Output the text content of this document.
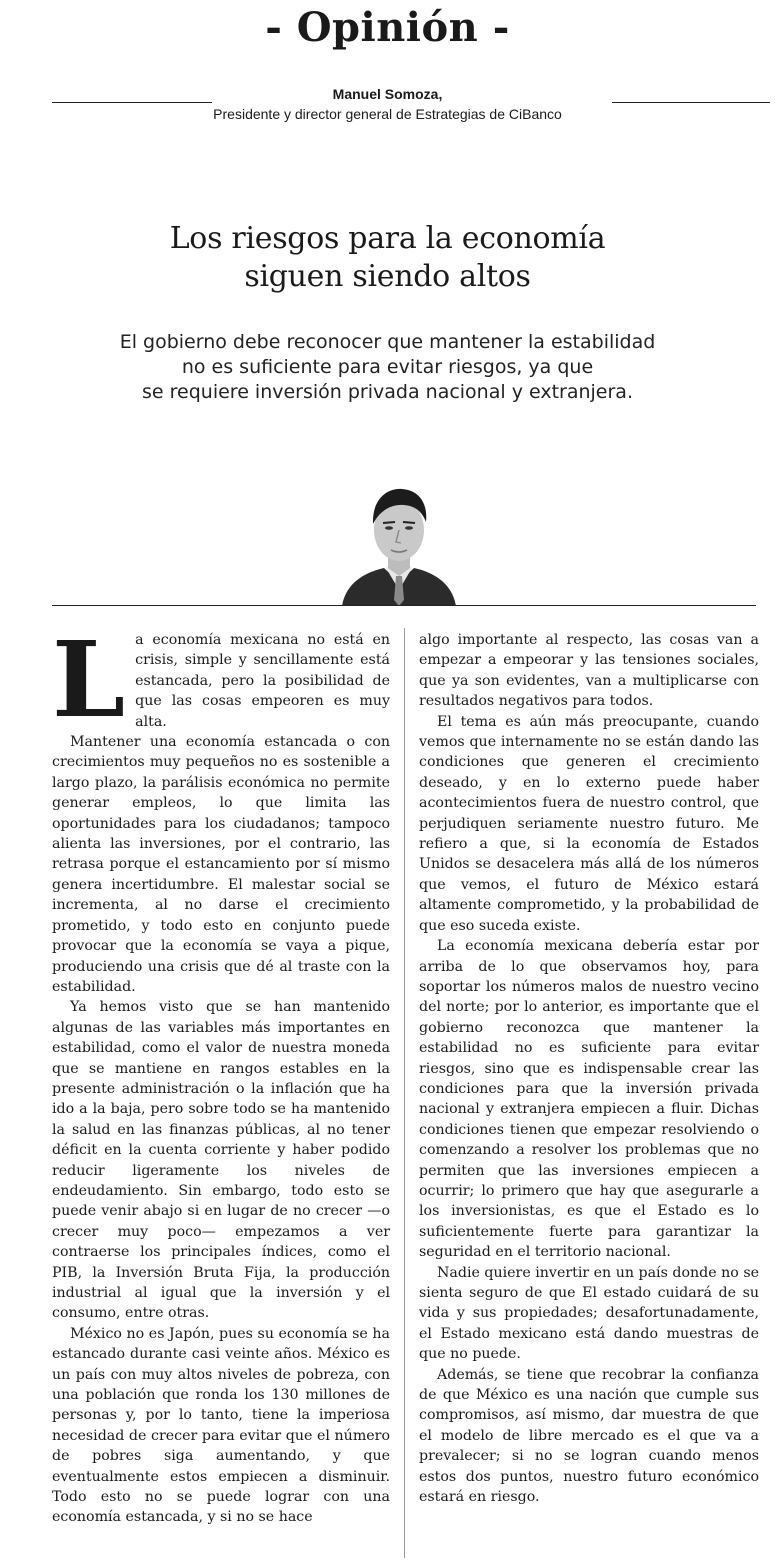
- Opinión -
Manuel Somoza,
Presidente y director general de Estrategias de CiBanco
Los riesgos para la economía
siguen siendo altos
El gobierno debe reconocer que mantener la estabilidad
no es suficiente para evitar riesgos, ya que
se requiere inversión privada nacional y extranjera.

La economía mexicana no está en crisis, simple y sencillamente está estancada, pero la posibilidad de que las cosas empeoren es muy alta.

Mantener una economía estancada o con crecimientos muy pequeños no es sostenible a largo plazo, la parálisis económica no permite generar empleos, lo que limita las oportunidades para los ciudadanos; tampoco alienta las inversiones, por el contrario, las retrasa porque el estancamiento por sí mismo genera incertidumbre. El malestar social se incrementa, al no darse el crecimiento prometido, y todo esto en conjunto puede provocar que la economía se vaya a pique, produciendo una crisis que dé al traste con la estabilidad.

Ya hemos visto que se han mantenido algunas de las variables más importantes en estabilidad, como el valor de nuestra moneda que se mantiene en rangos estables en la presente administración o la inflación que ha ido a la baja, pero sobre todo se ha mantenido la salud en las finanzas públicas, al no tener déficit en la cuenta corriente y haber podido reducir ligeramente los niveles de endeudamiento. Sin embargo, todo esto se puede venir abajo si en lugar de no crecer —o crecer muy poco— empezamos a ver contraerse los principales índices, como el PIB, la Inversión Bruta Fija, la producción industrial al igual que la inversión y el consumo, entre otras.

México no es Japón, pues su economía se ha estancado durante casi veinte años. México es un país con muy altos niveles de pobreza, con una población que ronda los 130 millones de personas y, por lo tanto, tiene la imperiosa necesidad de crecer para evitar que el número de pobres siga aumentando, y que eventualmente estos empiecen a disminuir. Todo esto no se puede lograr con una economía estancada, y si no se hace

algo importante al respecto, las cosas van a empezar a empeorar y las tensiones sociales, que ya son evidentes, van a multiplicarse con resultados negativos para todos.

El tema es aún más preocupante, cuando vemos que internamente no se están dando las condiciones que generen el crecimiento deseado, y en lo externo puede haber acontecimientos fuera de nuestro control, que perjudiquen seriamente nuestro futuro. Me refiero a que, si la economía de Estados Unidos se desacelera más allá de los números que vemos, el futuro de México estará altamente comprometido, y la probabilidad de que eso suceda existe.

La economía mexicana debería estar por arriba de lo que observamos hoy, para soportar los números malos de nuestro vecino del norte; por lo anterior, es importante que el gobierno reconozca que mantener la estabilidad no es suficiente para evitar riesgos, sino que es indispensable crear las condiciones para que la inversión privada nacional y extranjera empiecen a fluir. Dichas condiciones tienen que empezar resolviendo o comenzando a resolver los problemas que no permiten que las inversiones empiecen a ocurrir; lo primero que hay que asegurarle a los inversionistas, es que el Estado es lo suficientemente fuerte para garantizar la seguridad en el territorio nacional.

Nadie quiere invertir en un país donde no se sienta seguro de que El estado cuidará de su vida y sus propiedades; desafortunadamente, el Estado mexicano está dando muestras de que no puede.

Además, se tiene que recobrar la confianza de que México es una nación que cumple sus compromisos, así mismo, dar muestra de que el modelo de libre mercado es el que va a prevalecer; si no se logran cuando menos estos dos puntos, nuestro futuro económico estará en riesgo.
